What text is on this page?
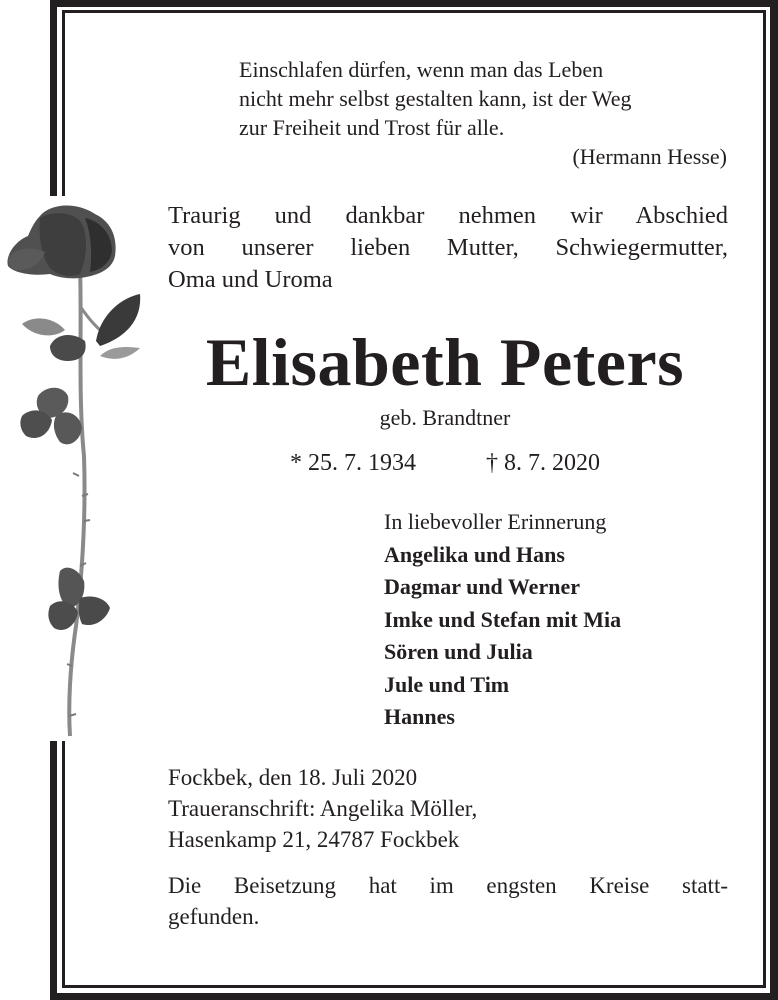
Einschlafen dürfen, wenn man das Leben
nicht mehr selbst gestalten kann, ist der Weg
zur Freiheit und Trost für alle.
(Hermann Hesse)
Traurig und dankbar nehmen wir Abschied
von unserer lieben Mutter, Schwiegermutter,
Oma und Uroma
Elisabeth Peters
geb. Brandtner
* 25. 7. 1934	† 8. 7. 2020
In liebevoller Erinnerung
Angelika und Hans
Dagmar und Werner
Imke und Stefan mit Mia
Sören und Julia
Jule und Tim
Hannes
Fockbek, den 18. Juli 2020
Traueranschrift: Angelika Möller,
Hasenkamp 21, 24787 Fockbek
Die Beisetzung hat im engsten Kreise statt-
gefunden.
